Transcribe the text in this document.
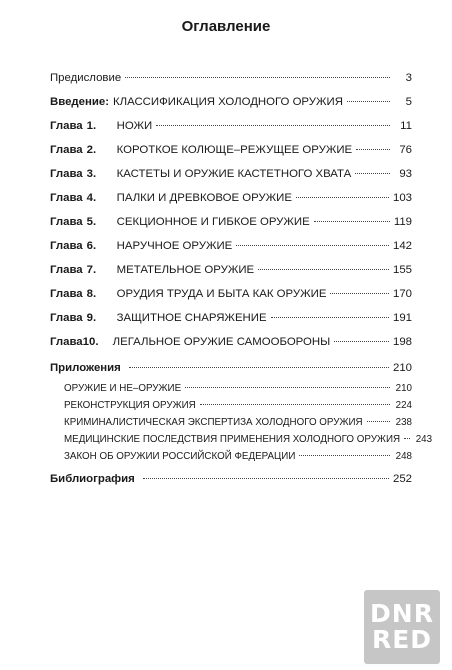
Оглавление
Предисловие	3
Введение: КЛАССИФИКАЦИЯ ХОЛОДНОГО ОРУЖИЯ	5
Глава 1.	НОЖИ	11
Глава 2.	КОРОТКОЕ КОЛЮЩЕ–РЕЖУЩЕЕ ОРУЖИЕ	76
Глава 3.	КАСТЕТЫ И ОРУЖИЕ КАСТЕТНОГО ХВАТА	93
Глава 4.	ПАЛКИ И ДРЕВКОВОЕ ОРУЖИЕ	103
Глава 5.	СЕКЦИОННОЕ И ГИБКОЕ ОРУЖИЕ	119
Глава 6.	НАРУЧНОЕ ОРУЖИЕ	142
Глава 7.	МЕТАТЕЛЬНОЕ ОРУЖИЕ	155
Глава 8.	ОРУДИЯ ТРУДА И БЫТА КАК ОРУЖИЕ	170
Глава 9.	ЗАЩИТНОЕ СНАРЯЖЕНИЕ	191
Глава 10.	ЛЕГАЛЬНОЕ ОРУЖИЕ САМООБОРОНЫ	198
Приложения	210
ОРУЖИЕ И НЕ–ОРУЖИЕ	210
РЕКОНСТРУКЦИЯ ОРУЖИЯ	224
КРИМИНАЛИСТИЧЕСКАЯ ЭКСПЕРТИЗА ХОЛОДНОГО ОРУЖИЯ	238
МЕДИЦИНСКИЕ ПОСЛЕДСТВИЯ ПРИМЕНЕНИЯ ХОЛОДНОГО ОРУЖИЯ 243
ЗАКОН ОБ ОРУЖИИ РОССИЙСКОЙ ФЕДЕРАЦИИ	248
Библиография	252
DNR
RED
